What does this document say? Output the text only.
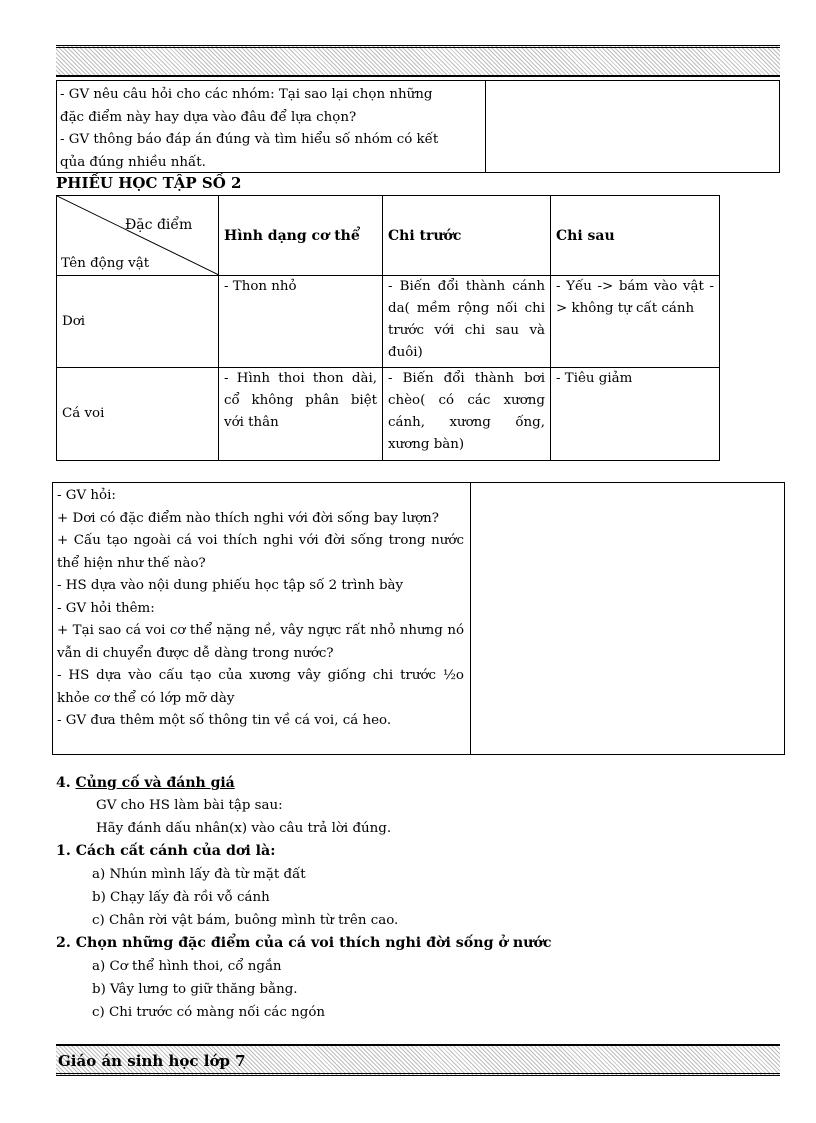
- GV nêu câu hỏi cho các nhóm: Tại sao lại chọn những

đặc điểm này hay dựa vào đâu để lựa chọn?

- GV thông báo đáp án đúng và tìm hiểu số nhóm có kết

qủa đúng nhiều nhất.

PHIẾU HỌC TẬP SỐ 2
Đặc điểm
Tên động vật	Hình dạng cơ thể	Chi trước	Chi sau
Dơi	- Thon nhỏ	- Biến đổi thành cánh da( mềm rộng nối chi trước với chi sau và đuôi)	- Yếu -> bám vào vật -> không tự cất cánh
Cá voi	- Hình thoi thon dài, cổ không phân biệt với thân	- Biến đổi thành bơi chèo( có các xương cánh, xương ống, xương bàn)	- Tiêu giảm

- GV hỏi:

+ Dơi có đặc điểm nào thích nghi với đời sống bay lượn?

+ Cấu tạo ngoài cá voi thích nghi với đời sống trong nước thể hiện như thế nào?

- HS dựa vào nội dung phiếu học tập số 2 trình bày

- GV hỏi thêm:

+ Tại sao cá voi cơ thể nặng nề, vây ngực rất nhỏ nhưng nó vẫn di chuyển được dễ dàng trong nước?

- HS dựa vào cấu tạo của xương vây giống chi trước ½o khỏe cơ thể có lớp mỡ dày

- GV đưa thêm một số thông tin về cá voi, cá heo.

4. Củng cố và đánh giá
GV cho HS làm bài tập sau:
Hãy đánh dấu nhân(x) vào câu trả lời đúng.
1. Cách cất cánh của dơi là:
a) Nhún mình lấy đà từ mặt đất
b) Chạy lấy đà rồi vỗ cánh
c) Chân rời vật bám, buông mình từ trên cao.
2. Chọn những đặc điểm của cá voi thích nghi đời sống ở nước
a) Cơ thể hình thoi, cổ ngắn
b) Vây lưng to giữ thăng bằng.
c) Chi trước có màng nối các ngón
Giáo án sinh học lớp 7
